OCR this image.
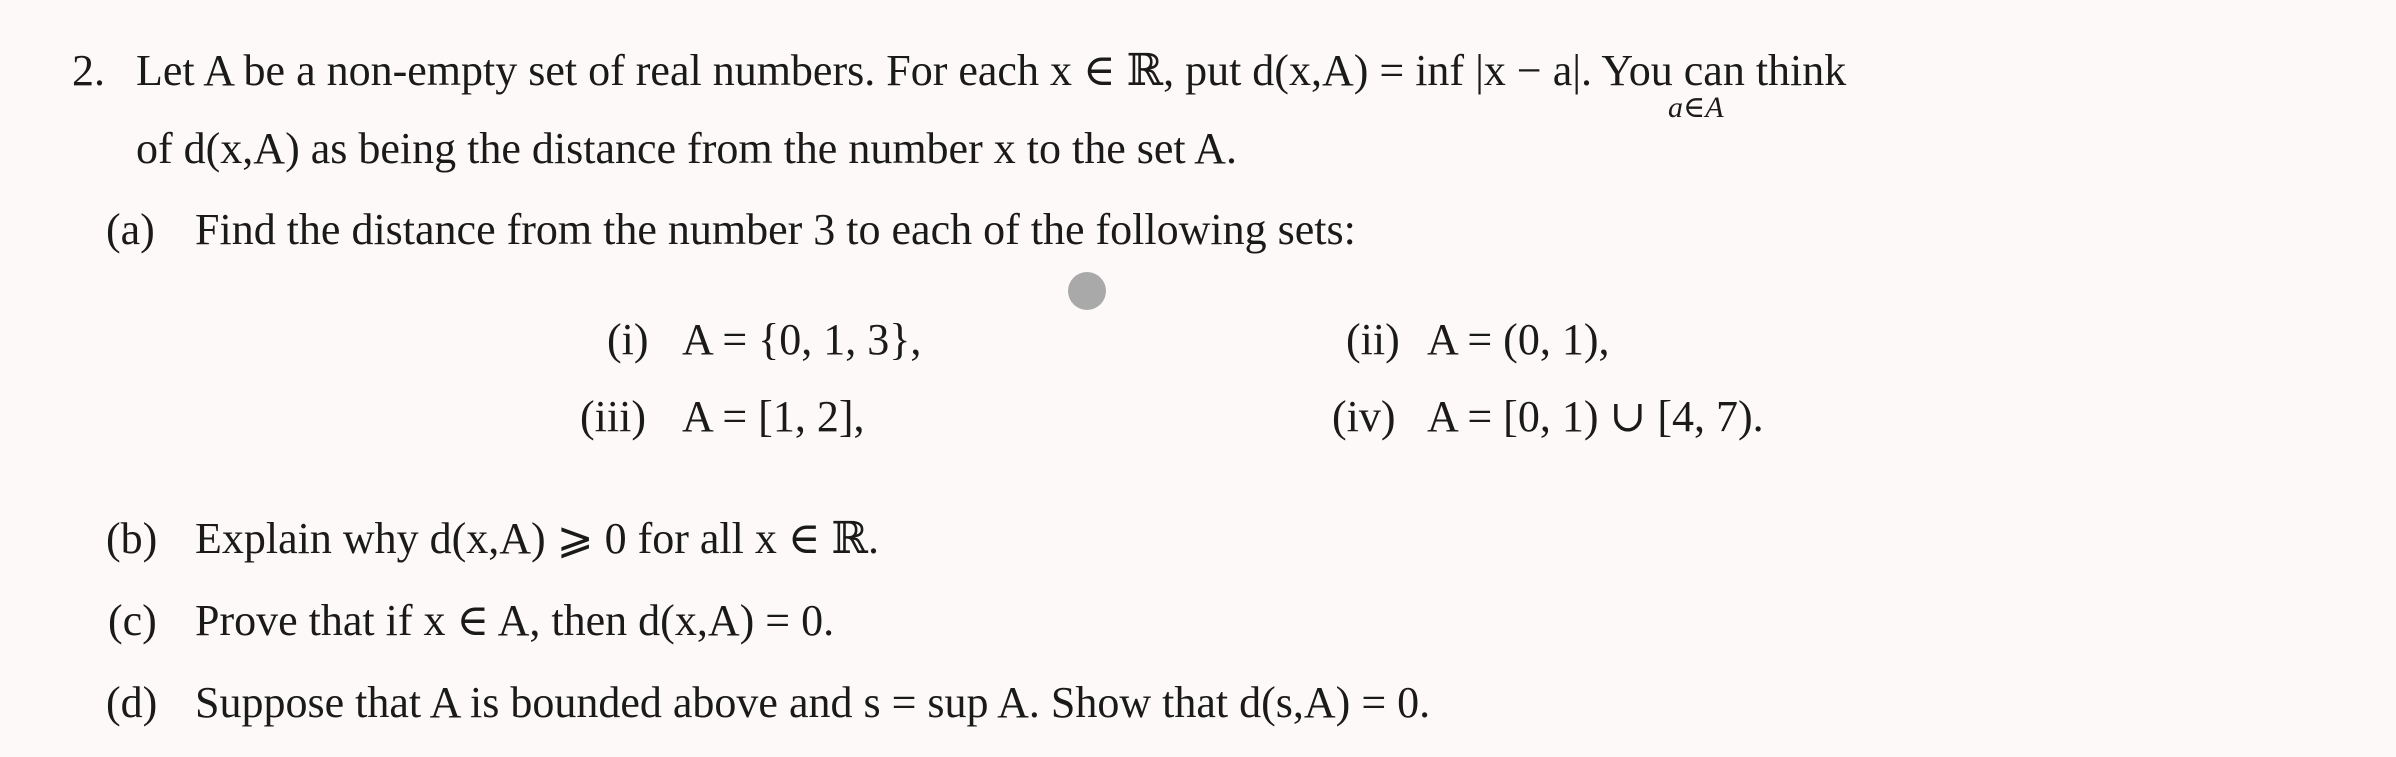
2. Let A be a non-empty set of real numbers. For each x ∈ ℝ, put d(x,A) = inf |x − a|. You can think
a∈A
of d(x,A) as being the distance from the number x to the set A.
(a) Find the distance from the number 3 to each of the following sets:
(i) A = {0, 1, 3},	(ii) A = (0, 1),
(iii) A = [1, 2],	(iv) A = [0, 1) ∪ [4, 7).
(b) Explain why d(x,A) ⩾ 0 for all x ∈ ℝ.
(c) Prove that if x ∈ A, then d(x,A) = 0.
(d) Suppose that A is bounded above and s = sup A. Show that d(s,A) = 0.
